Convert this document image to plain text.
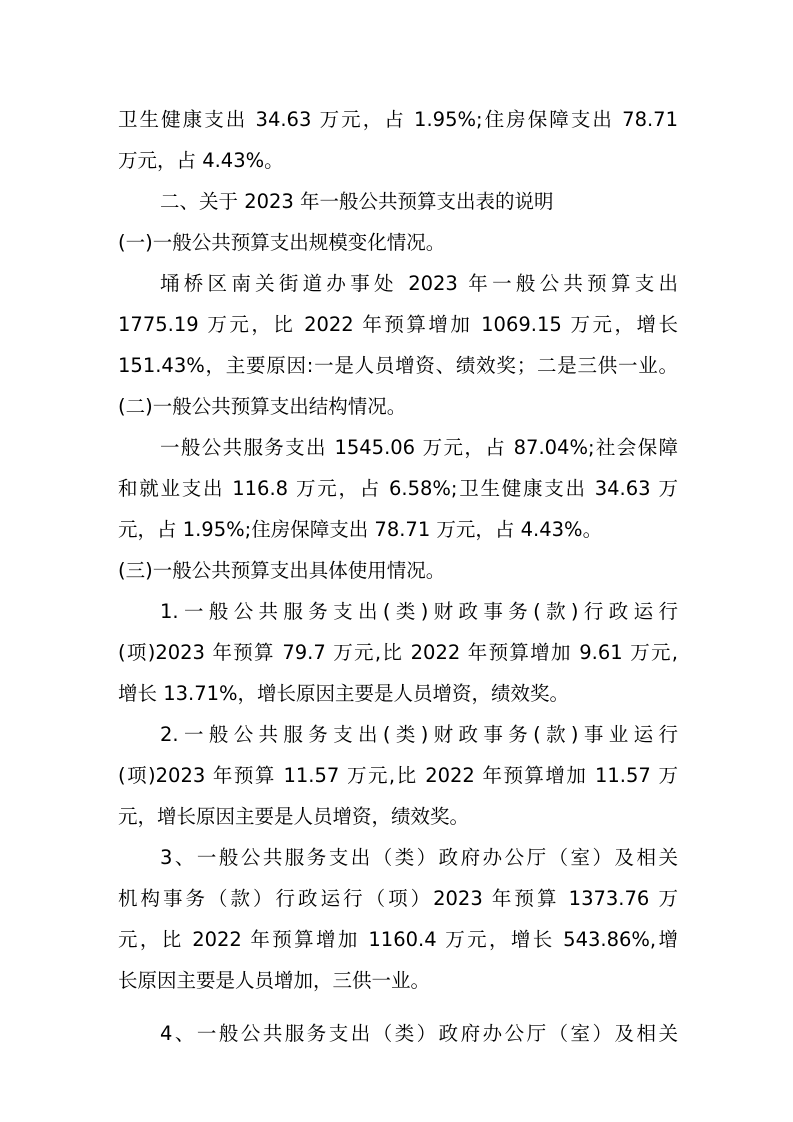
卫生健康支出 34.63 万元，占 1.95%;住房保障支出 78.71
万元，占 4.43%。
二、关于 2023 年一般公共预算支出表的说明
(一)一般公共预算支出规模变化情况。
埇桥区南关街道办事处 2023 年一般公共预算支出
1775.19 万元，比 2022 年预算增加 1069.15 万元，增长
151.43%，主要原因:一是人员增资、绩效奖；二是三供一业。
(二)一般公共预算支出结构情况。
一般公共服务支出 1545.06 万元，占 87.04%;社会保障
和就业支出 116.8 万元，占 6.58%;卫生健康支出 34.63 万
元，占 1.95%;住房保障支出 78.71 万元，占 4.43%。
(三)一般公共预算支出具体使用情况。
1.一般公共服务支出(类)财政事务(款)行政运行
(项)2023 年预算 79.7 万元,比 2022 年预算增加 9.61 万元,
增长 13.71%，增长原因主要是人员增资，绩效奖。
2.一般公共服务支出(类)财政事务(款)事业运行
(项)2023 年预算 11.57 万元,比 2022 年预算增加 11.57 万
元，增长原因主要是人员增资，绩效奖。
3、一般公共服务支出（类）政府办公厅（室）及相关
机构事务（款）行政运行（项）2023 年预算 1373.76 万
元，比 2022 年预算增加 1160.4 万元，增长 543.86%,增
长原因主要是人员增加，三供一业。
4、一般公共服务支出（类）政府办公厅（室）及相关
